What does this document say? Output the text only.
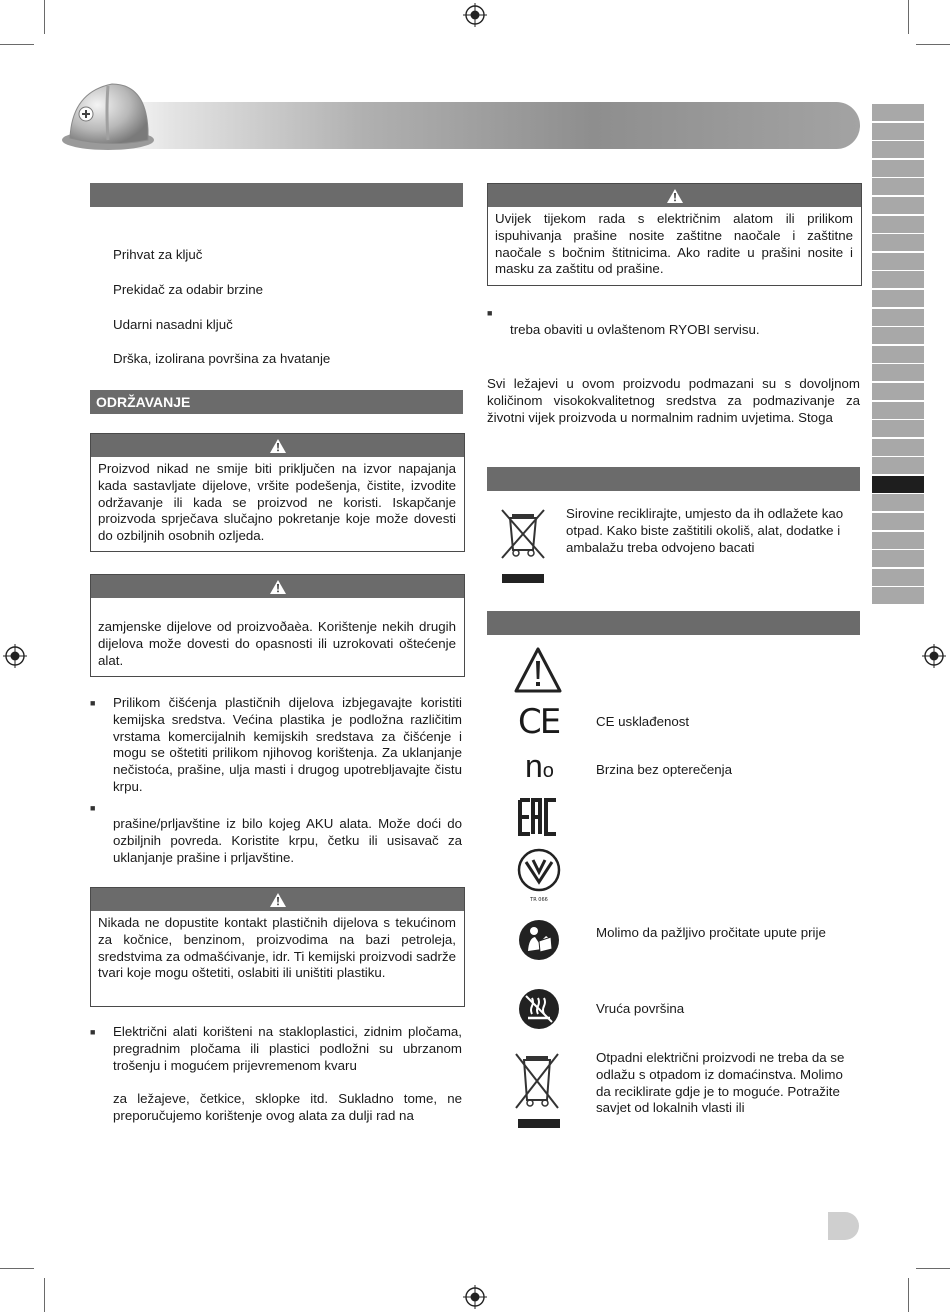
Prihvat za ključ
Prekidač za odabir brzine
Udarni nasadni ključ
Drška, izolirana površina za hvatanje
ODRŽAVANJE
Proizvod nikad ne smije biti priključen na izvor napajanja kada sastavljate dijelove, vršite podešenja, čistite, izvodite održavanje ili kada se proizvod ne koristi. Iskapčanje proizvoda sprječava slučajno pokretanje koje može dovesti do ozbiljnih osobnih ozljeda.
zamjenske dijelove od proizvoðaèa. Korištenje nekih drugih dijelova može dovesti do opasnosti ili uzrokovati oštećenje alat.
■ Prilikom čišćenja plastičnih dijelova izbjegavajte koristiti kemijska sredstva. Većina plastika je podložna različitim vrstama komercijalnih kemijskih sredstava za čišćenje i mogu se oštetiti prilikom njihovog korištenja. Za uklanjanje nečistoća, prašine, ulja masti i drugog upotrebljavajte čistu krpu.
■
prašine/prljavštine iz bilo kojeg AKU alata. Može doći do ozbiljnih povreda. Koristite krpu, četku ili usisavač za uklanjanje prašine i prljavštine.
Nikada ne dopustite kontakt plastičnih dijelova s tekućinom za kočnice, benzinom, proizvodima na bazi petroleja, sredstvima za odmašćivanje, idr. Ti kemijski proizvodi sadrže tvari koje mogu oštetiti, oslabiti ili uništiti plastiku.
■ Električni alati korišteni na stakloplastici, zidnim pločama, pregradnim pločama ili plastici podložni su ubrzanom trošenju i mogućem prijevremenom kvaru
za ležajeve, četkice, sklopke itd. Sukladno tome, ne preporučujemo korištenje ovog alata za dulji rad na
Uvijek tijekom rada s električnim alatom ili prilikom ispuhivanja prašine nosite zaštitne naočale i zaštitne naočale s bočnim štitnicima. Ako radite u prašini nosite i masku za zaštitu od prašine.
■
treba obaviti u ovlaštenom RYOBI servisu.
Svi ležajevi u ovom proizvodu podmazani su s dovoljnom količinom visokokvalitetnog sredstva za podmazivanje za životni vijek proizvoda u normalnim radnim uvjetima. Stoga
Sirovine reciklirajte, umjesto da ih odlažete kao otpad. Kako biste zaštitili okoliš, alat, dodatke i ambalažu treba odvojeno bacati
CE	CE usklađenost
no	Brzina bez opterečenja
TR 066
Molimo da pažljivo pročitate upute prije
Vruća površina
Otpadni električni proizvodi ne treba da se odlažu s otpadom iz domaćinstva. Molimo da reciklirate gdje je to moguće. Potražite savjet od lokalnih vlasti ili
